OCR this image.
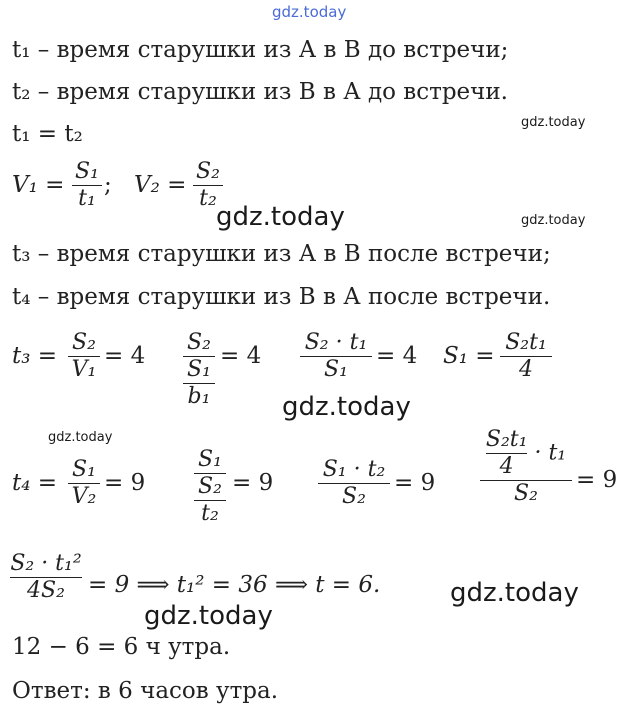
gdz.today
gdz.today
gdz.today	gdz.today
gdz.today
gdz.today
gdz.today
gdz.today
t₁ – время старушки из А в В до встречи;
t₂ – время старушки из В в А до встречи.
t₁ = t₂
V₁ =
S₁
t₁
; V₂ =
S₂
t₂
t₃ – время старушки из А в В после встречи;
t₄ – время старушки из В в А после встречи.
t₃ =
S₂
V₁
= 4
S₂
S₁
b₁
= 4
S₂ · t₁
S₁
= 4 S₁ =
S₂t₁
4
t₄ =
S₁
V₂
= 9
S₁
S₂
t₂
= 9
S₁ · t₂
S₂
= 9
$\frac{\text{S₂t₁}}{4} \cdot t_1$
S₂
= 9
S₂ · t₁²
4S₂	= 9 ⟹ t₁² = 36 ⟹ t = 6.
12 − 6 = 6 ч утра.
Ответ: в 6 часов утра.
